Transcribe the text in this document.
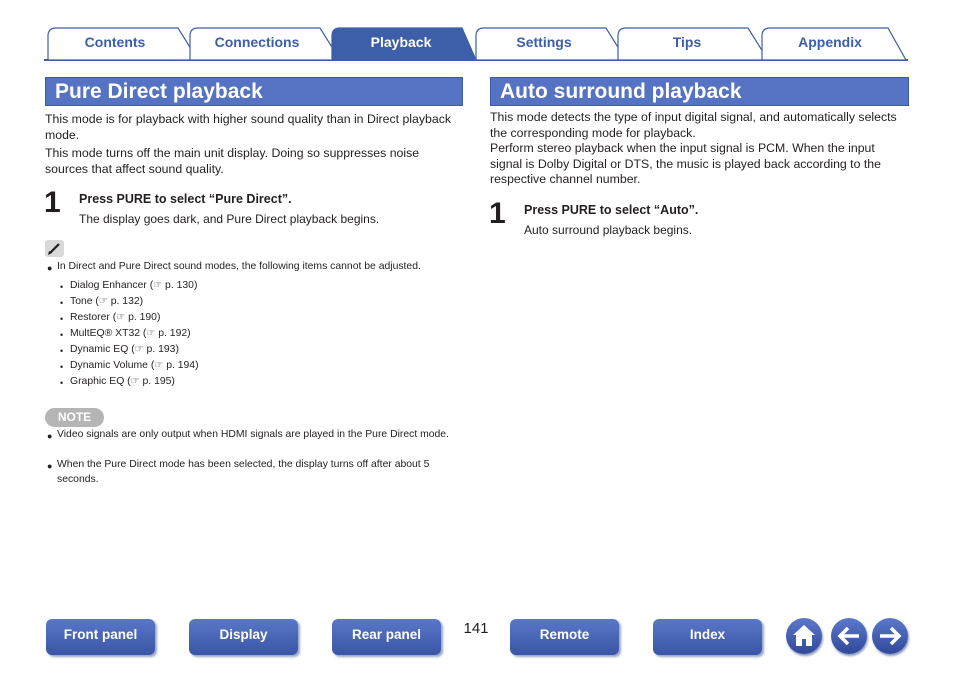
Contents	Connections	Playback	Settings	Tips	Appendix
Pure Direct playback
This mode is for playback with higher sound quality than in Direct playback mode.
This mode turns off the main unit display. Doing so suppresses noise sources that affect sound quality.
1 Press PURE to select “Pure Direct”.
The display goes dark, and Pure Direct playback begins.
● In Direct and Pure Direct sound modes, the following items cannot be adjusted.
• Dialog Enhancer (☞ p. 130)
• Tone (☞ p. 132)
• Restorer (☞ p. 190)
• MultEQ® XT32 (☞ p. 192)
• Dynamic EQ (☞ p. 193)
• Dynamic Volume (☞ p. 194)
• Graphic EQ (☞ p. 195)
NOTE
● Video signals are only output when HDMI signals are played in the Pure Direct mode.
● When the Pure Direct mode has been selected, the display turns off after about 5 seconds.
Auto surround playback
This mode detects the type of input digital signal, and automatically selects the corresponding mode for playback.
Perform stereo playback when the input signal is PCM. When the input signal is Dolby Digital or DTS, the music is played back according to the respective channel number.
1 Press PURE to select “Auto”.
Auto surround playback begins.
Front panel	Display	Rear panel	141	Remote	Index
